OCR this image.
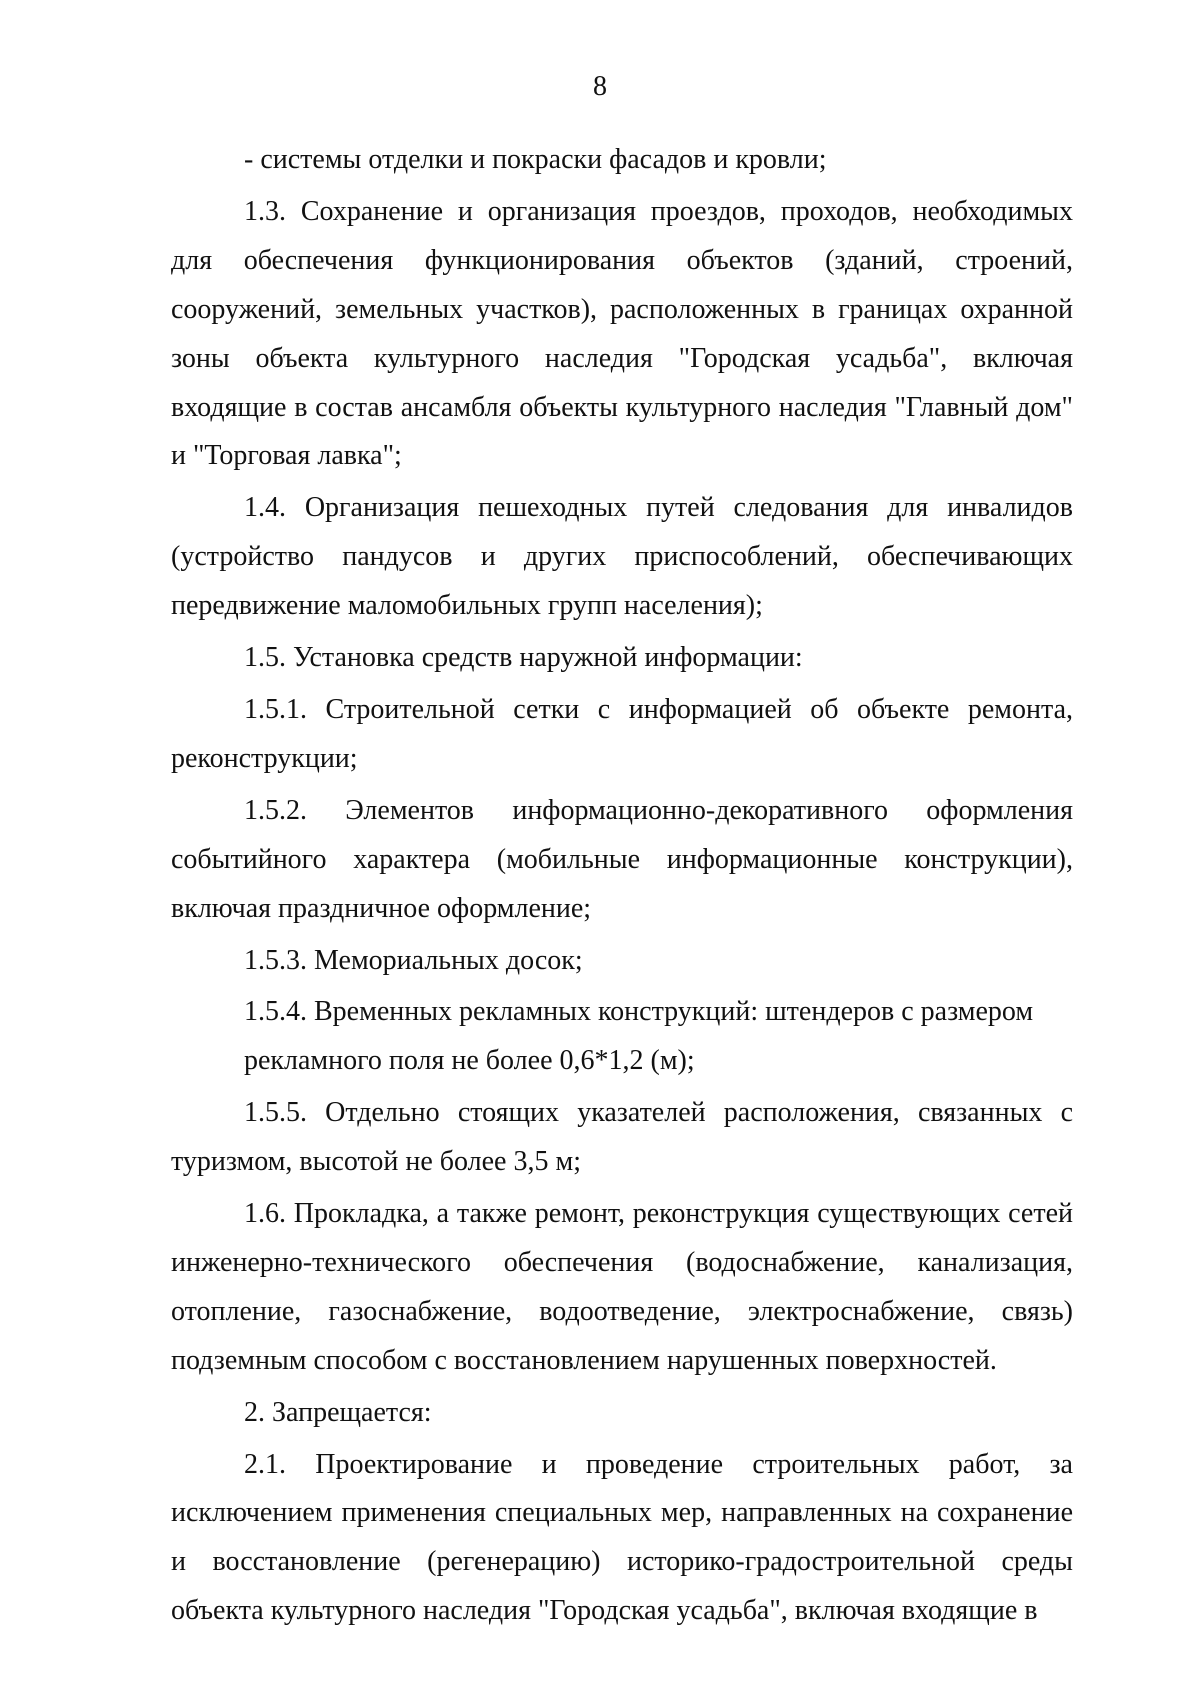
8

- системы отделки и покраски фасадов и кровли;

1.3. Сохранение и организация проездов, проходов, необходимых для обеспечения функционирования объектов (зданий, строений, сооружений, земельных участков), расположенных в границах охранной зоны объекта культурного наследия "Городская усадьба", включая входящие в состав ансамбля объекты культурного наследия "Главный дом" и "Торговая лавка";

1.4. Организация пешеходных путей следования для инвалидов (устройство пандусов и других приспособлений, обеспечивающих передвижение маломобильных групп населения);

1.5. Установка средств наружной информации:

1.5.1. Строительной сетки с информацией об объекте ремонта, реконструкции;

1.5.2. Элементов информационно-декоративного оформления событийного характера (мобильные информационные конструкции), включая праздничное оформление;

1.5.3. Мемориальных досок;

1.5.4. Временных рекламных конструкций: штендеров с размером рекламного поля не более 0,6*1,2 (м);

1.5.5. Отдельно стоящих указателей расположения, связанных с туризмом, высотой не более 3,5 м;

1.6. Прокладка, а также ремонт, реконструкция существующих сетей инженерно-технического обеспечения (водоснабжение, канализация, отопление, газоснабжение, водоотведение, электроснабжение, связь) подземным способом с восстановлением нарушенных поверхностей.

2. Запрещается:

2.1. Проектирование и проведение строительных работ, за исключением применения специальных мер, направленных на сохранение и восстановление (регенерацию) историко-градостроительной среды объекта культурного наследия "Городская усадьба", включая входящие в
